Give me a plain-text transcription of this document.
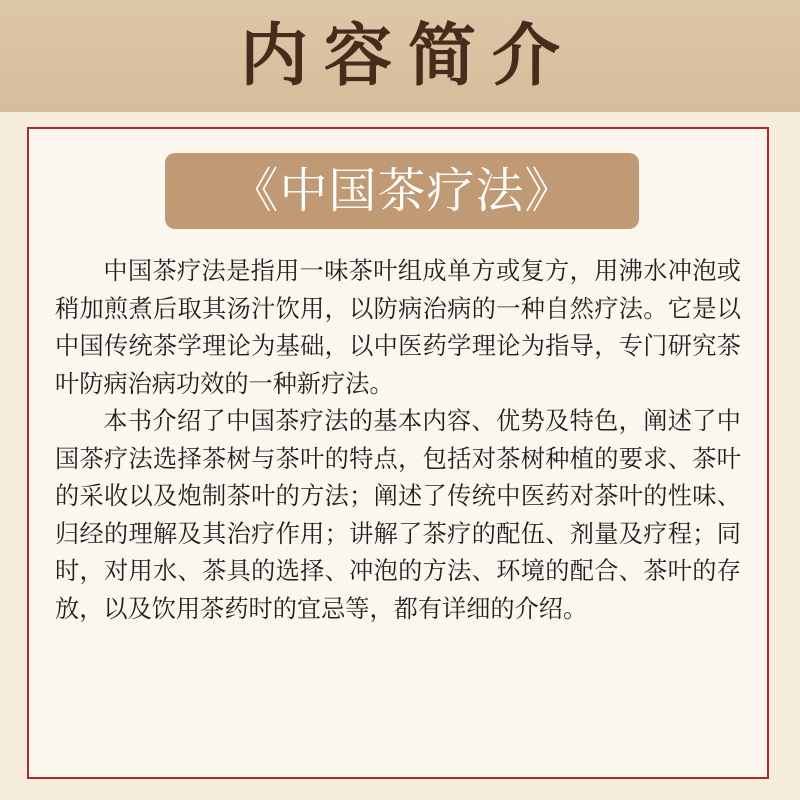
内容简介
《中国茶疗法》

中国茶疗法是指用一味茶叶组成单方或复方，用沸水冲泡或稍加煎煮后取其汤汁饮用，以防病治病的一种自然疗法。它是以中国传统茶学理论为基础，以中医药学理论为指导，专门研究茶叶防病治病功效的一种新疗法。

本书介绍了中国茶疗法的基本内容、优势及特色，阐述了中国茶疗法选择茶树与茶叶的特点，包括对茶树种植的要求、茶叶的采收以及炮制茶叶的方法；阐述了传统中医药对茶叶的性味、归经的理解及其治疗作用；讲解了茶疗的配伍、剂量及疗程；同时，对用水、茶具的选择、冲泡的方法、环境的配合、茶叶的存放，以及饮用茶药时的宜忌等，都有详细的介绍。
